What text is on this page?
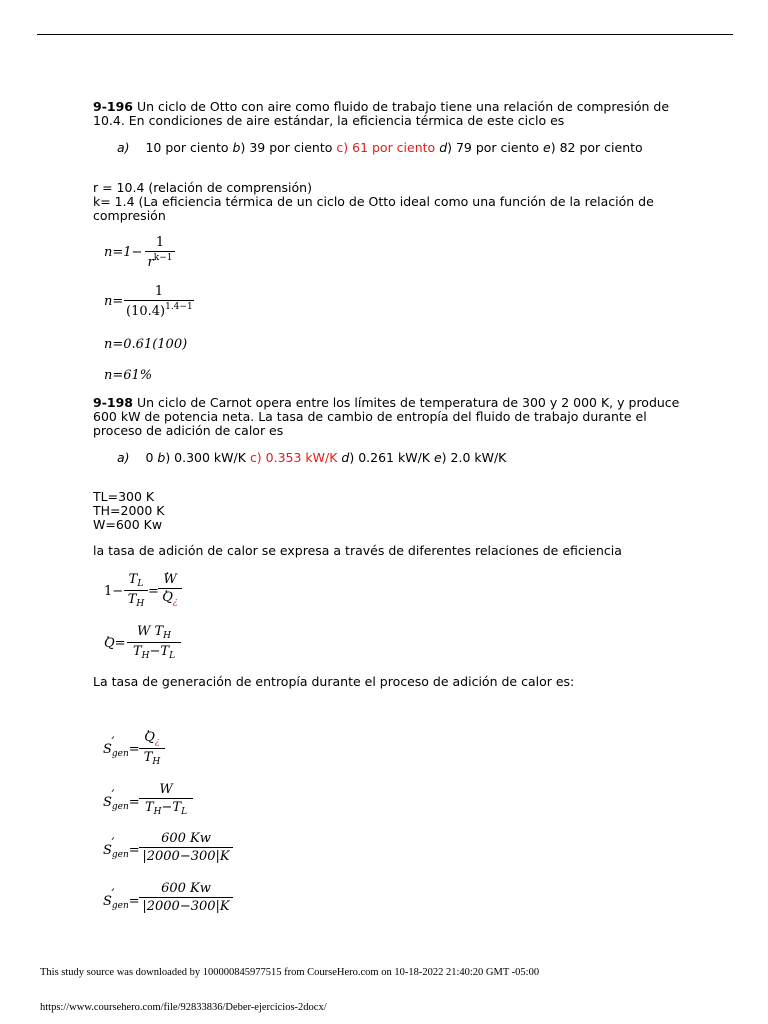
9-196 Un ciclo de Otto con aire como fluido de trabajo tiene una relación de compresión de
10.4. En condiciones de aire estándar, la eficiencia térmica de este ciclo es
a) 10 por ciento b) 39 por ciento c) 61 por ciento d) 79 por ciento e) 82 por ciento
r = 10.4 (relación de comprensión)
k= 1.4 (La eficiencia térmica de un ciclo de Otto ideal como una función de la relación de
compresión
$n=1- \frac{1}{r^{k-1}}$
$n= \frac{1}{(10.4)^{1.4-1}}$
n=0.61(100)
n=61%
9-198 Un ciclo de Carnot opera entre los límites de temperatura de 300 y 2 000 K, y produce
600 kW de potencia neta. La tasa de cambio de entropía del fluido de trabajo durante el
proceso de adición de calor es
a) 0 b) 0.300 kW/K c) 0.353 kW/K d) 0.261 kW/K e) 2.0 kW/K
TL=300 K
TH=2000 K
W=600 Kw
la tasa de adición de calor se expresa a través de diferentes relaciones de eficiencia
$1- \frac{T_L}{T_H}$ = . W
. $Q_¿$
. $Q= \frac{W T_H}{T_H-T_L}$
La tasa de generación de entropía durante el proceso de adición de calor es:
´ $S_{gen}=$ . $\frac{Q_¿}{T_H}$
´ $S_{gen}= \frac{W}{T_H-T_L}$
´ $S_{gen}= \frac{600 Kw}{|2000-300|K}$
´ $S_{gen}= \frac{600 Kw}{|2000-300|K}$
This study source was downloaded by 100000845977515 from CourseHero.com on 10-18-2022 21:40:20 GMT -05:00
https://www.coursehero.com/file/92833836/Deber-ejercicios-2docx/
